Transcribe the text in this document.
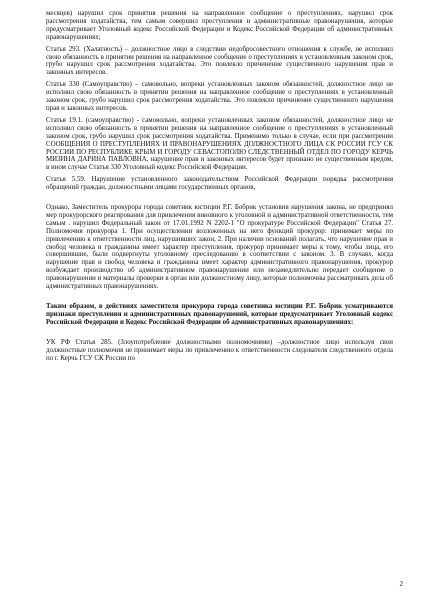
месяцев) нарушил срок принятия решения на направленное сообщение о преступлениях, нарушил срок рассмотрения ходатайства, тем самым совершил преступления и административные правонарушения, которые предусматривает Уголовный кодекс Российской Федерации и Кодекс Российской Федерации об административных правонарушениях;

Статья 293. (Халатность) – должностное лицо в следствии недобросовестного отношения к службе, не исполнил свою обязанность в принятии решения на направленное сообщение о преступлениях в установленным законом срок, грубо нарушил срок рассмотрения ходатайства. Это повлекло причинение существенного нарушения прав и законных интересов.

Статья 330 (Самоуправство) – самовольно, вопреки установленных законом обязанностей, должностное лицо не исполнил свою обязанность в принятии решения на направленное сообщение о преступлениях в установленный законом срок, грубо нарушил срок рассмотрения ходатайства. Это повлекло причинение существенного нарушения прав и законных интересов.

Статья 19.1. (самоуправство) - самовольно, вопреки установленных законом обязанностей, должностное лицо не исполнил свою обязанность в принятии решения на направленное сообщение о преступлениях в установленный законом срок, грубо нарушил срок рассмотрения ходатайства. Применимо только в случае, если при рассмотрении СООБЩЕНИЯ О ПРЕСТУПЛЕНИЯХ И ПРАВОНАРУШЕНИЯХ ДОЛЖНОСТНОГО ЛИЦА СК РОССИИ ГСУ СК РОССИИ ПО РЕСПУБЛИКЕ КРЫМ И ГОРОДУ СЕВАСТОПОЛЮ СЛЕДСТВЕННЫЙ ОТДЕЛ ПО ГОРОДУ КЕРЧЬ МИЗИНА ДАРИНА ПАВЛОВНА, нарушение прав и законных интересов будет признано не существенным вредом, в ином случае Статья 330 Уголовный кодекс Российской Федерации.

Статья 5.59. Нарушение установленного законодательством Российской Федерации порядка рассмотрения обращений граждан, должностными лицами государственных органов,

Однако, Заместитель прокурора города советник юстиции Р.Г. Бобрик установив нарушения закона, не предпринял мер прокурорского реагирования для привлечения виновного к уголовной и административной ответственности, тем самым . нарушил Федеральный закон от 17.01.1992 N 2202-1 "О прокуратуре Российской Федерации" Статья 27. Полномочия прокурора 1. При осуществлении возложенных на него функций прокурор: принимает меры по привлечению к ответственности лиц, нарушивших закон, 2. При наличии оснований полагать, что нарушение прав и свобод человека и гражданина имеет характер преступления, прокурор принимает меры к тому, чтобы лица, его совершившие, были подвергнуты уголовному преследованию в соответствии с законом. 3. В случаях, когда нарушение прав и свобод человека и гражданина имеет характер административного правонарушения, прокурор возбуждает производство об административном правонарушении или незамедлительно передает сообщение о правонарушении и материалы проверки в орган или должностному лицу, которые полномочны рассматривать дела об административных правонарушениях.

Таким образом, в действиях заместителя прокурора города советника юстиции Р.Г. Бобрик усматриваются признаки преступления и административных правонарушений, которые предусматривает Уголовный кодекс Российской Федерации и Кодекс Российской Федерации об административных правонарушениях:

УК РФ Статья 285. (Злоупотребление должностными полномочиями) –должностное лицо используя свои должностные полномочия не принимает меры по привлечению к ответственности следователя следственного отдела по г. Керчь ГСУ СК России по

2
